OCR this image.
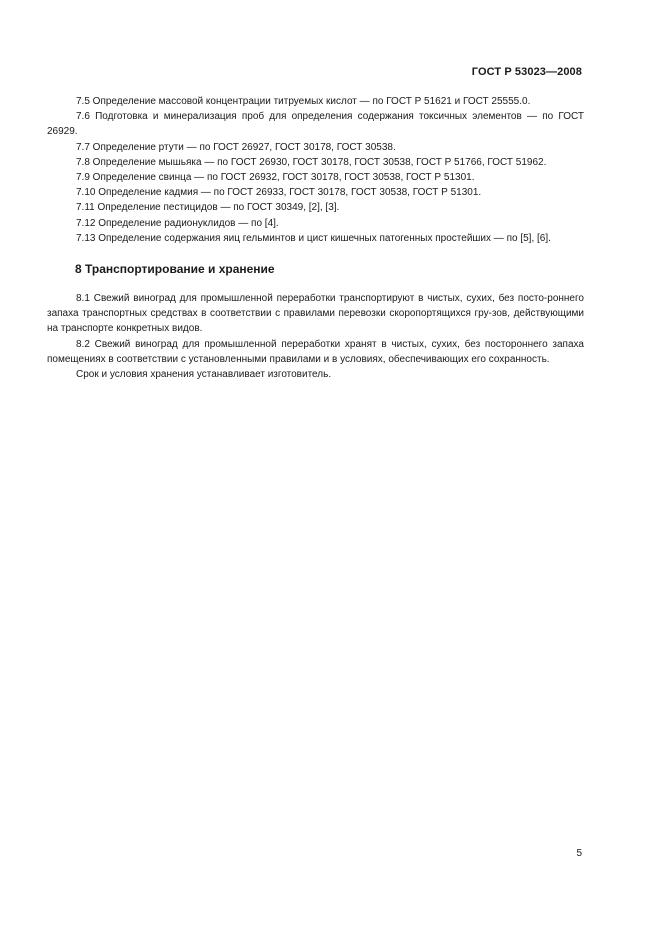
ГОСТ Р 53023—2008

7.5 Определение массовой концентрации титруемых кислот — по ГОСТ Р 51621 и ГОСТ 25555.0.

7.6 Подготовка и минерализация проб для определения содержания токсичных элементов — по ГОСТ 26929.

7.7 Определение ртути — по ГОСТ 26927, ГОСТ 30178, ГОСТ 30538.

7.8 Определение мышьяка — по ГОСТ 26930, ГОСТ 30178, ГОСТ 30538, ГОСТ Р 51766, ГОСТ 51962.

7.9 Определение свинца — по ГОСТ 26932, ГОСТ 30178, ГОСТ 30538, ГОСТ Р 51301.

7.10 Определение кадмия — по ГОСТ 26933, ГОСТ 30178, ГОСТ 30538, ГОСТ Р 51301.

7.11 Определение пестицидов — по ГОСТ 30349, [2], [3].

7.12 Определение радионуклидов — по [4].

7.13 Определение содержания яиц гельминтов и цист кишечных патогенных простейших — по [5], [6].

8 Транспортирование и хранение

8.1 Свежий виноград для промышленной переработки транспортируют в чистых, сухих, без посто-роннего запаха транспортных средствах в соответствии с правилами перевозки скоропортящихся гру-зов, действующими на транспорте конкретных видов.

8.2 Свежий виноград для промышленной переработки хранят в чистых, сухих, без постороннего запаха помещениях в соответствии с установленными правилами и в условиях, обеспечивающих его сохранность.

Срок и условия хранения устанавливает изготовитель.

5
